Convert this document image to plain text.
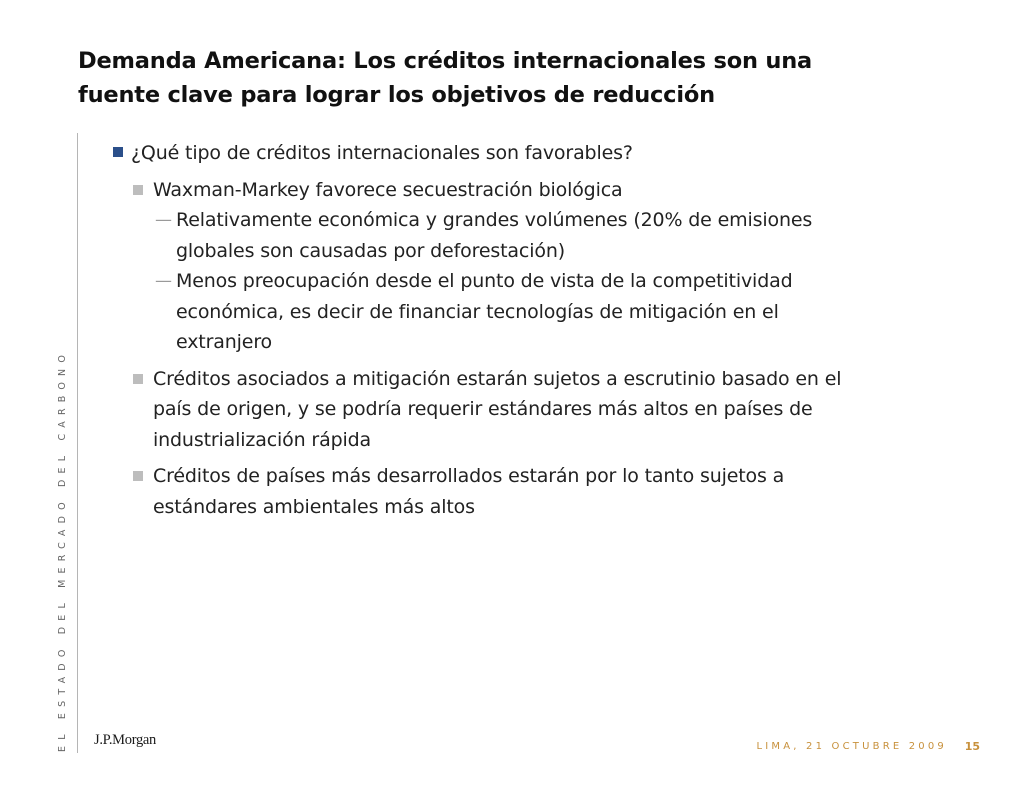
Demanda Americana: Los créditos internacionales son una
fuente clave para lograr los objetivos de reducción
EL ESTADO DEL MERCADO DEL CARBONO
¿Qué tipo de créditos internacionales son favorables?
Waxman-Markey favorece secuestración biológica
— Relativamente económica y grandes volúmenes (20% de emisiones
globales son causadas por deforestación)
— Menos preocupación desde el punto de vista de la competitividad
económica, es decir de financiar tecnologías de mitigación en el
extranjero
Créditos asociados a mitigación estarán sujetos a escrutinio basado en el
país de origen, y se podría requerir estándares más altos en países de
industrialización rápida
Créditos de países más desarrollados estarán por lo tanto sujetos a
estándares ambientales más altos
J.P.Morgan	LIMA, 21 OCTUBRE 2009 15
